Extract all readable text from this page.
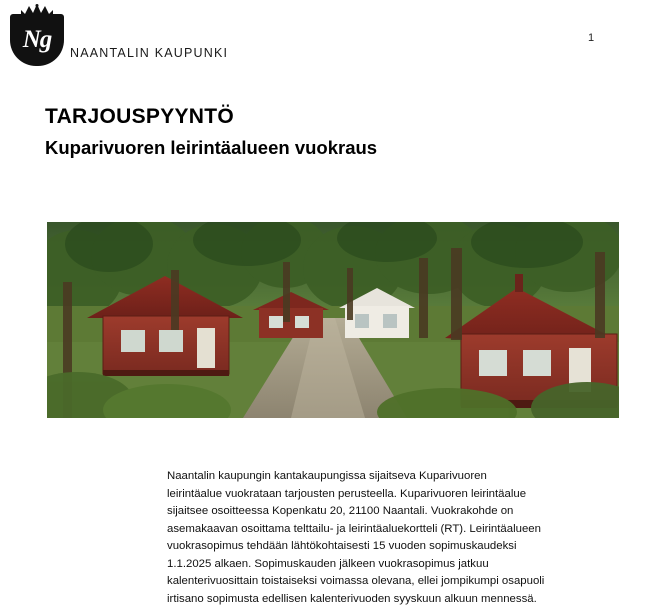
Ng	NAANTALIN KAUPUNKI
1
TARJOUSPYYNTÖ
Kuparivuoren leirintäalueen vuokraus

Naantalin kaupungin kantakaupungissa sijaitseva Kuparivuoren leirintäalue vuokrataan tarjousten perusteella. Kuparivuoren leirintäalue sijaitsee osoitteessa Kopenkatu 20, 21100 Naantali. Vuokrakohde on asemakaavan osoittama telttailu- ja leirintäaluekortteli (RT). Leirintäalueen vuokrasopimus tehdään lähtökohtaisesti 15 vuoden sopimuskaudeksi 1.1.2025 alkaen. Sopimuskauden jälkeen vuokrasopimus jatkuu kalenterivuosittain toistaiseksi voimassa olevana, ellei jompikumpi osapuoli irtisano sopimusta edellisen kalenterivuoden syyskuun alkuun mennessä.
